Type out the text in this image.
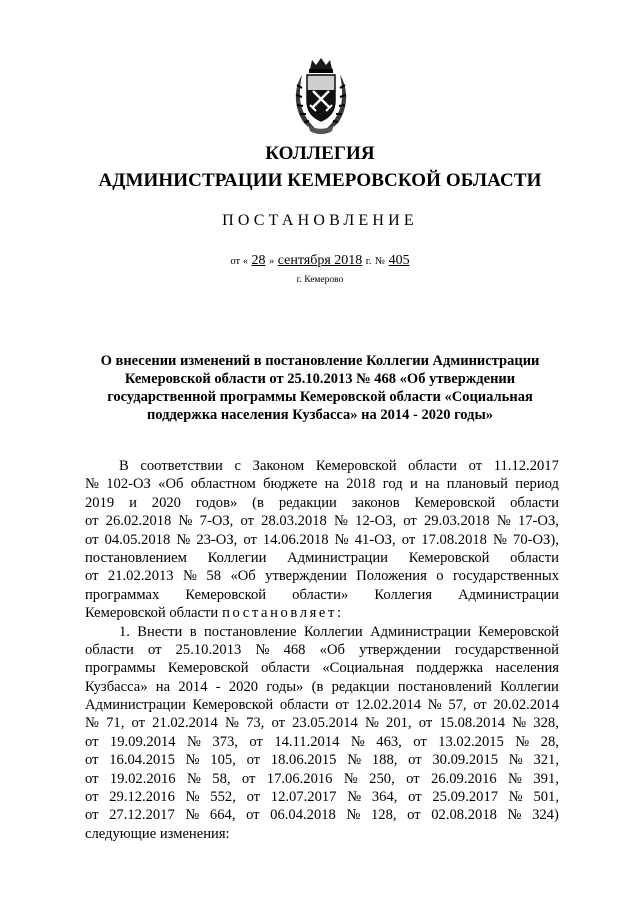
КОЛЛЕГИЯ
АДМИНИСТРАЦИИ КЕМЕРОВСКОЙ ОБЛАСТИ
ПОСТАНОВЛЕНИЕ
от « 28 » сентября 2018 г. № 405
г. Кемерово
О внесении изменений в постановление Коллегии Администрации
Кемеровской области от 25.10.2013 № 468 «Об утверждении
государственной программы Кемеровской области «Социальная
поддержка населения Кузбасса» на 2014 - 2020 годы»
В соответствии с Законом Кемеровской области от 11.12.2017
№ 102-ОЗ «Об областном бюджете на 2018 год и на плановый период
2019 и 2020 годов» (в редакции законов Кемеровской области
от 26.02.2018 № 7-ОЗ, от 28.03.2018 № 12-ОЗ, от 29.03.2018 № 17-ОЗ,
от 04.05.2018 № 23-ОЗ, от 14.06.2018 № 41-ОЗ, от 17.08.2018 № 70-ОЗ),
постановлением Коллегии Администрации Кемеровской области
от 21.02.2013 № 58 «Об утверждении Положения о государственных
программах Кемеровской области» Коллегия Администрации
Кемеровской области постановляет:
1. Внести в постановление Коллегии Администрации Кемеровской
области от 25.10.2013 № 468 «Об утверждении государственной
программы Кемеровской области «Социальная поддержка населения
Кузбасса» на 2014 - 2020 годы» (в редакции постановлений Коллегии
Администрации Кемеровской области от 12.02.2014 № 57, от 20.02.2014
№ 71, от 21.02.2014 № 73, от 23.05.2014 № 201, от 15.08.2014 № 328,
от 19.09.2014 № 373, от 14.11.2014 № 463, от 13.02.2015 № 28,
от 16.04.2015 № 105, от 18.06.2015 № 188, от 30.09.2015 № 321,
от 19.02.2016 № 58, от 17.06.2016 № 250, от 26.09.2016 № 391,
от 29.12.2016 № 552, от 12.07.2017 № 364, от 25.09.2017 № 501,
от 27.12.2017 № 664, от 06.04.2018 № 128, от 02.08.2018 № 324)
следующие изменения:
